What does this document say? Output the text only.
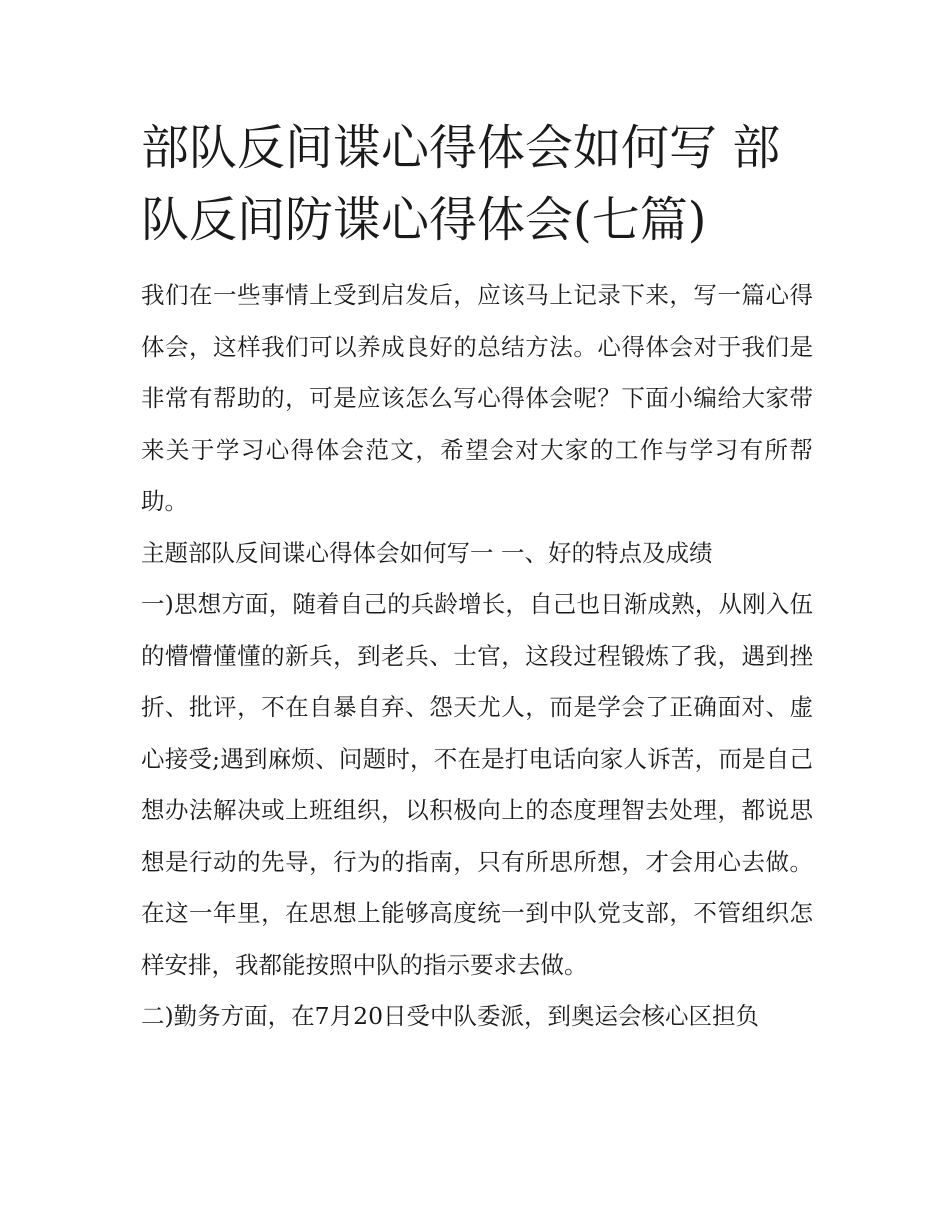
部队反间谍心得体会如何写 部队反间防谍心得体会(七篇)

我们在一些事情上受到启发后，应该马上记录下来，写一篇心得体会，这样我们可以养成良好的总结方法。心得体会对于我们是非常有帮助的，可是应该怎么写心得体会呢？下面小编给大家带来关于学习心得体会范文，希望会对大家的工作与学习有所帮助。

主题部队反间谍心得体会如何写一 一、好的特点及成绩

一)思想方面，随着自己的兵龄增长，自己也日渐成熟，从刚入伍的懵懵懂懂的新兵，到老兵、士官，这段过程锻炼了我，遇到挫折、批评，不在自暴自弃、怨天尤人，而是学会了正确面对、虚心接受;遇到麻烦、问题时，不在是打电话向家人诉苦，而是自己想办法解决或上班组织，以积极向上的态度理智去处理，都说思想是行动的先导，行为的指南，只有所思所想，才会用心去做。在这一年里，在思想上能够高度统一到中队党支部，不管组织怎样安排，我都能按照中队的指示要求去做。

二)勤务方面，在7月20日受中队委派，到奥运会核心区担负
